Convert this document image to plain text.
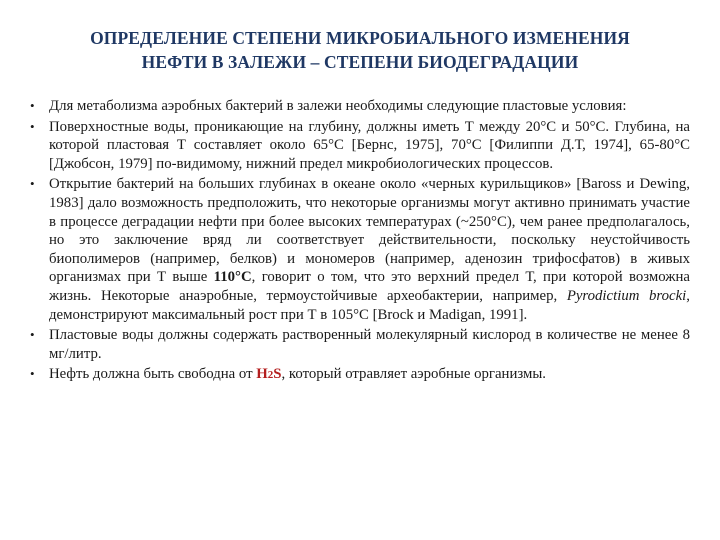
ОПРЕДЕЛЕНИЕ СТЕПЕНИ МИКРОБИАЛЬНОГО ИЗМЕНЕНИЯ
НЕФТИ В ЗАЛЕЖИ – СТЕПЕНИ БИОДЕГРАДАЦИИ
• Для метаболизма аэробных бактерий в залежи необходимы следующие пластовые условия:
• Поверхностные воды, проникающие на глубину, должны иметь Т между 20°С и 50°С. Глубина, на которой пластовая Т составляет около 65°С [Бернс, 1975], 70°С [Филиппи Д.Т, 1974], 65-80°С [Джобсон, 1979] по-видимому, нижний предел микробиологических процессов.
• Открытие бактерий на больших глубинах в океане около «черных курильщиков» [Baross и Dewing, 1983] дало возможность предположить, что некоторые организмы могут активно принимать участие в процессе деградации нефти при более высоких температурах (~250°С), чем ранее предполагалось, но это заключение вряд ли соответствует действительности, поскольку неустойчивость биополимеров (например, белков) и мономеров (например, аденозин трифосфатов) в живых организмах при Т выше 110°С, говорит о том, что это верхний предел Т, при которой возможна жизнь. Некоторые анаэробные, термоустойчивые археобактерии, например, Pyrodictium brocki, демонстрируют максимальный рост при Т в 105°С [Brock и Madigan, 1991].
• Пластовые воды должны содержать растворенный молекулярный кислород в количестве не менее 8 мг/литр.
• Нефть должна быть свободна от H2S, который отравляет аэробные организмы.
